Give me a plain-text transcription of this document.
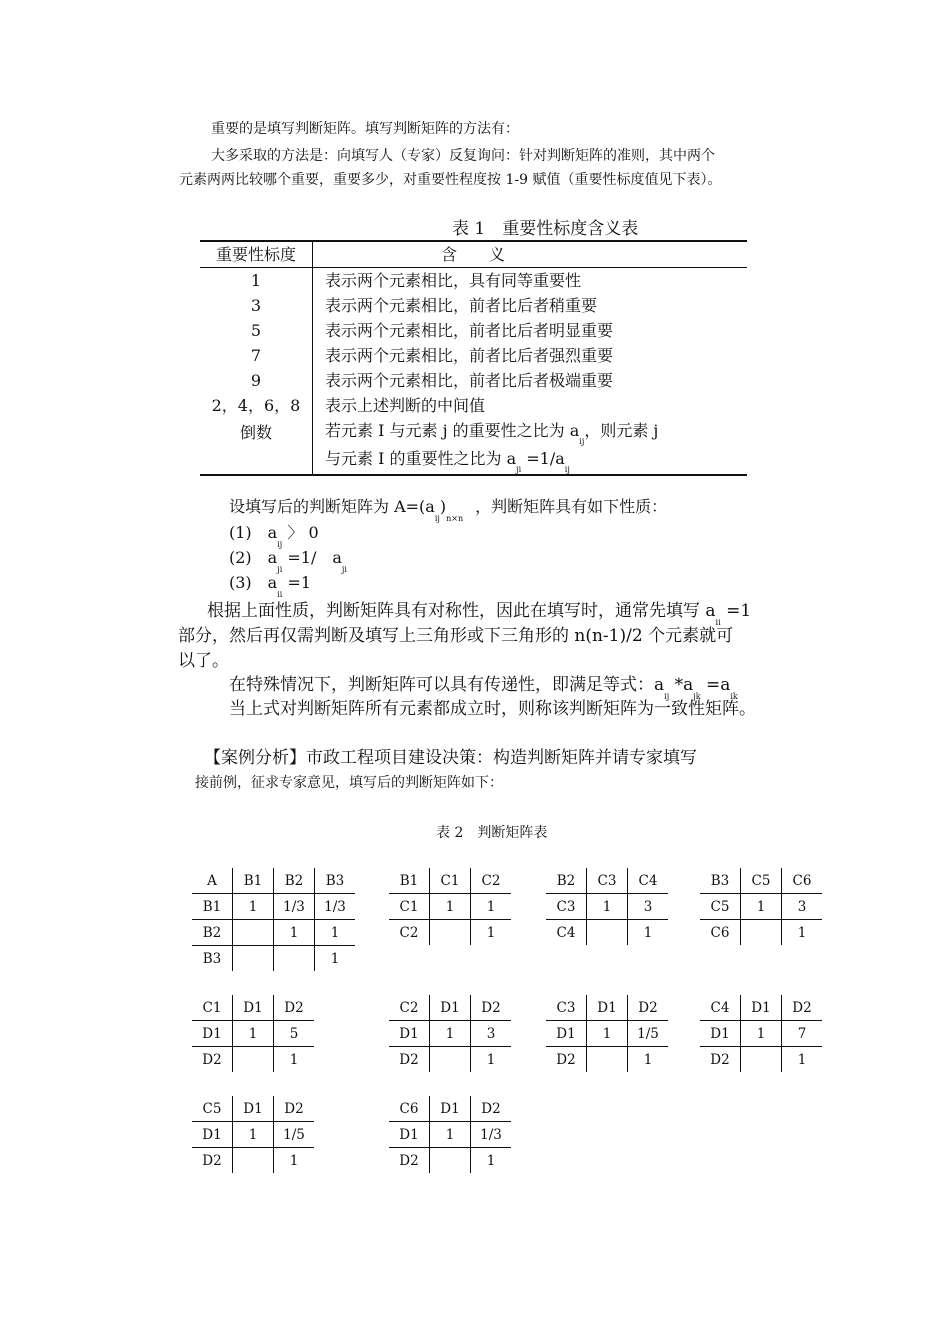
重要的是填写判断矩阵。填写判断矩阵的方法有：
大多采取的方法是：向填写人（专家）反复询问：针对判断矩阵的准则，其中两个
元素两两比较哪个重要，重要多少，对重要性程度按 1-9 赋值（重要性标度值见下表）。
表 1　重要性标度含义表
重要性标度	含　　义
1	表示两个元素相比，具有同等重要性
3	表示两个元素相比，前者比后者稍重要
5	表示两个元素相比，前者比后者明显重要
7	表示两个元素相比，前者比后者强烈重要
9	表示两个元素相比，前者比后者极端重要
2，4，6，8	表示上述判断的中间值
倒数	若元素 I 与元素 j 的重要性之比为 $a_{ij}$，则元素 j
	与元素 I 的重要性之比为 $a_{ji} =1/a_{ij}$
设填写后的判断矩阵为 $A=(a_{ij})_{n\times n}$，判断矩阵具有如下性质：
(1)　$a_{ij}$ 〉 0
(2)　$a_{ji} =1/$　$a_{ji}$
(3)　$a_{ii} =1$
根据上面性质，判断矩阵具有对称性，因此在填写时，通常先填写 $a_{ii} =1$
部分，然后再仅需判断及填写上三角形或下三角形的 n(n-1)/2 个元素就可
以了。
在特殊情况下，判断矩阵可以具有传递性，即满足等式：$a_{ij}$ $*a_{jk} =a_{ik}$
当上式对判断矩阵所有元素都成立时，则称该判断矩阵为一致性矩阵。
【案例分析】市政工程项目建设决策：构造判断矩阵并请专家填写
接前例，征求专家意见，填写后的判断矩阵如下：
表 2　判断矩阵表
A	B1	B2	B3
B1	1	1/3	1/3
B2		1	1
B3			1
B1	C1	C2
C1	1	1
C2		1
B2	C3	C4
C3	1	3
C4		1
B3	C5	C6
C5	1	3
C6		1
C1	D1	D2
D1	1	5
D2		1
C2	D1	D2
D1	1	3
D2		1
C3	D1	D2
D1	1	1/5
D2		1
C4	D1	D2
D1	1	7
D2		1
C5	D1	D2
D1	1	1/5
D2		1
C6	D1	D2
D1	1	1/3
D2		1
